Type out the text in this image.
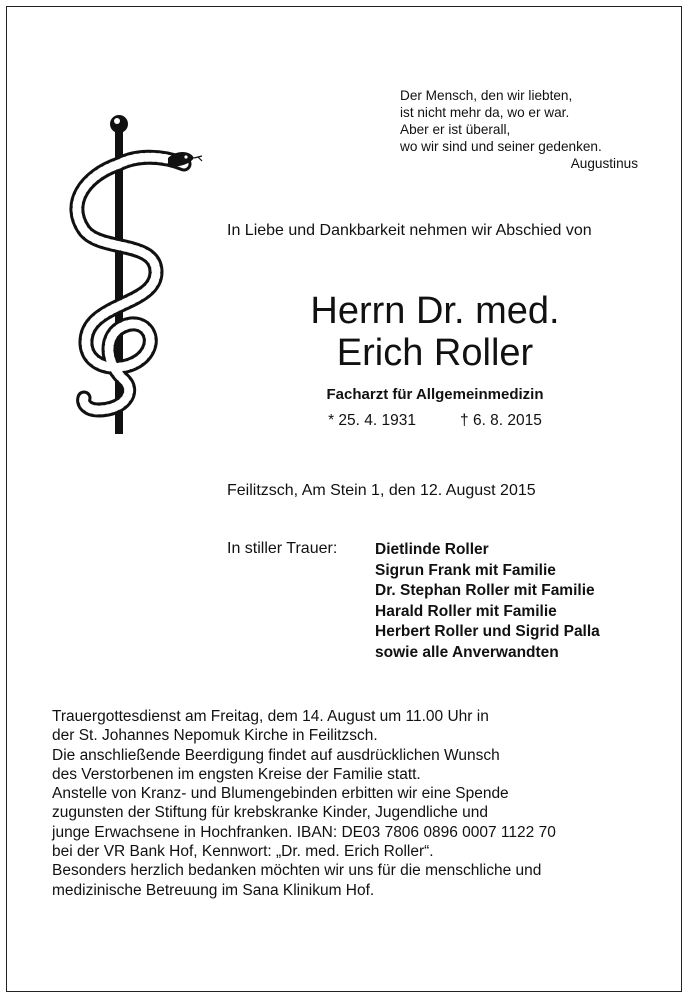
Der Mensch, den wir liebten,
ist nicht mehr da, wo er war.
Aber er ist überall,
wo wir sind und seiner gedenken.
Augustinus
In Liebe und Dankbarkeit nehmen wir Abschied von
Herrn Dr. med.
Erich Roller
Facharzt für Allgemeinmedizin
* 25. 4. 1931	† 6. 8. 2015
Feilitzsch, Am Stein 1, den 12. August 2015
In stiller Trauer: Dietlinde Roller
Sigrun Frank mit Familie
Dr. Stephan Roller mit Familie
Harald Roller mit Familie
Herbert Roller und Sigrid Palla
sowie alle Anverwandten
Trauergottesdienst am Freitag, dem 14. August um 11.00 Uhr in
der St. Johannes Nepomuk Kirche in Feilitzsch.
Die anschließende Beerdigung findet auf ausdrücklichen Wunsch
des Verstorbenen im engsten Kreise der Familie statt.
Anstelle von Kranz- und Blumengebinden erbitten wir eine Spende
zugunsten der Stiftung für krebskranke Kinder, Jugendliche und
junge Erwachsene in Hochfranken. IBAN: DE03 7806 0896 0007 1122 70
bei der VR Bank Hof, Kennwort: „Dr. med. Erich Roller“.
Besonders herzlich bedanken möchten wir uns für die menschliche und
medizinische Betreuung im Sana Klinikum Hof.
